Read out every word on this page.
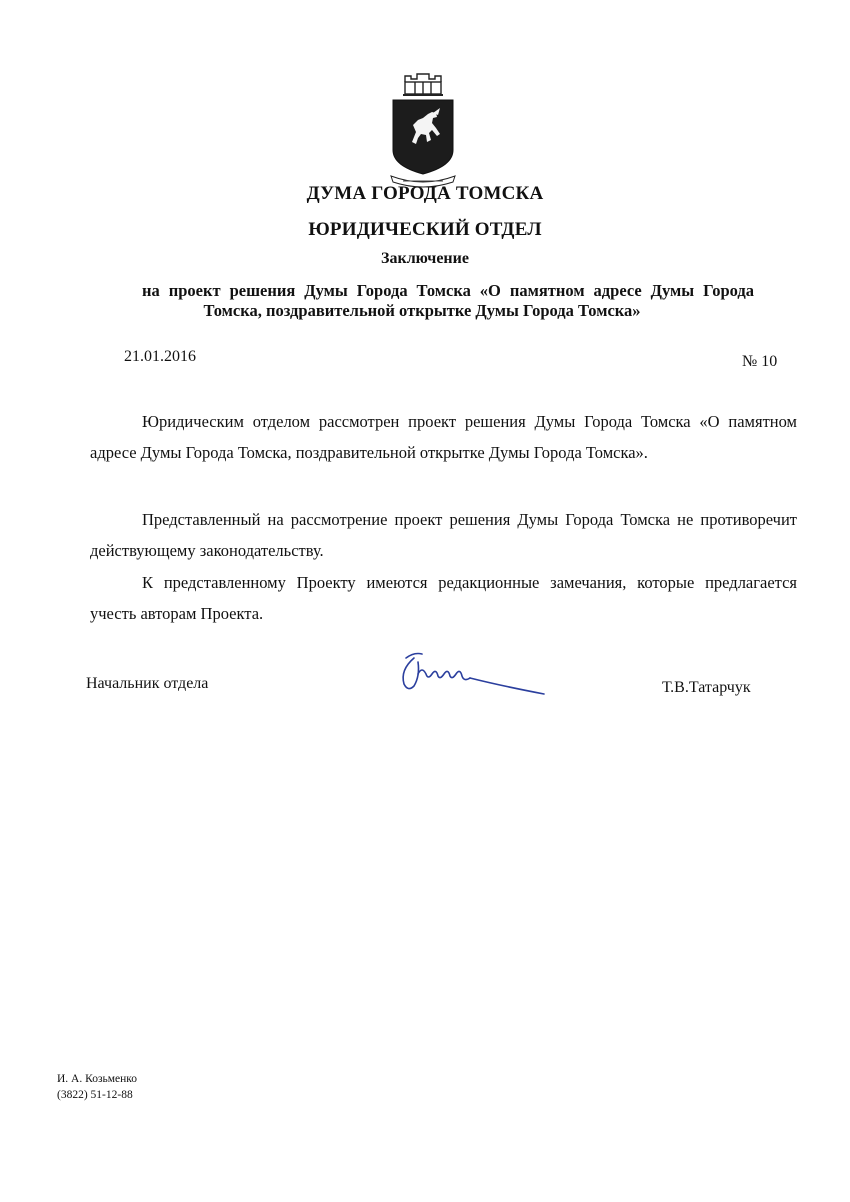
ДУМА ГОРОДА ТОМСКА
ЮРИДИЧЕСКИЙ ОТДЕЛ
Заключение
на проект решения Думы Города Томска «О памятном адресе Думы Города Томска, поздравительной открытке Думы Города Томска»
21.01.2016	№ 10
Юридическим отделом рассмотрен проект решения Думы Города Томска «О памятном адресе Думы Города Томска, поздравительной открытке Думы Города Томска».
Представленный на рассмотрение проект решения Думы Города Томска не противоречит действующему законодательству.
К представленному Проекту имеются редакционные замечания, которые предлагается учесть авторам Проекта.
Начальник отдела	Т.В.Татарчук
И. А. Козьменко
(3822) 51-12-88
